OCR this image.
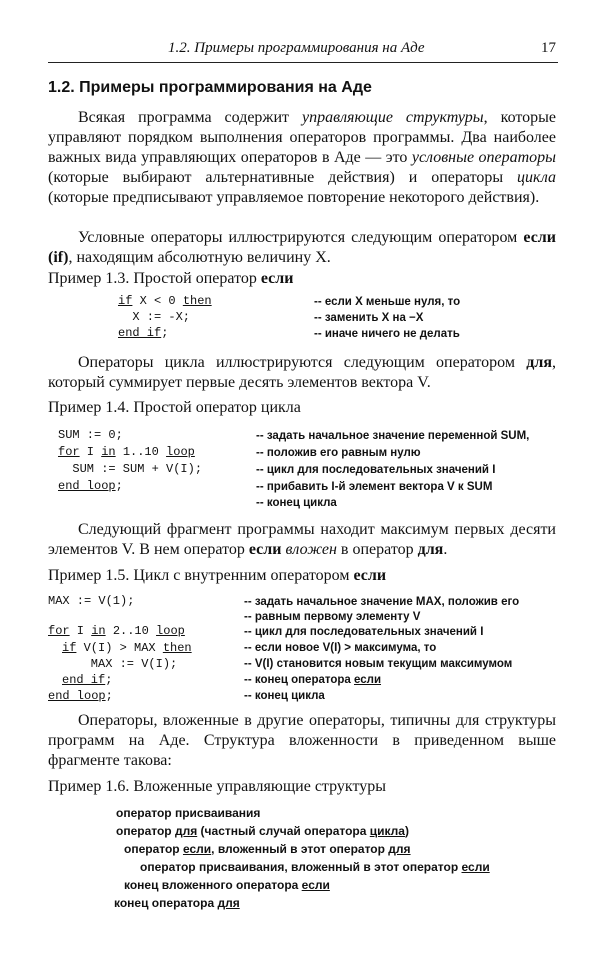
1.2. Примеры программирования на Аде	17
1.2. Примеры программирования на Аде
Всякая программа содержит управляющие структуры, которые управляют порядком выполнения операторов программы. Два наиболее важных вида управляющих операторов в Аде — это условные операторы (которые выбирают альтернативные действия) и операторы цикла (которые предписывают управляемое повторение некоторого действия).
Условные операторы иллюстрируются следующим оператором если (if), находящим абсолютную величину X.
Пример 1.3. Простой оператор если
if X < 0 then
X := -X;
end if;
-- если X меньше нуля, то
-- заменить X на −X
-- иначе ничего не делать
Операторы цикла иллюстрируются следующим оператором для, который суммирует первые десять элементов вектора V.
Пример 1.4. Простой оператор цикла
SUM := 0;
for I in 1..10 loop
SUM := SUM + V(I);
end loop;
-- задать начальное значение переменной SUM,
-- положив его равным нулю
-- цикл для последовательных значений I
-- прибавить I-й элемент вектора V к SUM
-- конец цикла
Следующий фрагмент программы находит максимум первых десяти элементов V. В нем оператор если вложен в оператор для.
Пример 1.5. Цикл с внутренним оператором если
MAX := V(1);
for I in 2..10 loop
if V(I) > MAX then
MAX := V(I);
end if;
end loop;
-- задать начальное значение MAX, положив его
-- равным первому элементу V
-- цикл для последовательных значений I
-- если новое V(I) > максимума, то
-- V(I) становится новым текущим максимумом
-- конец оператора если
-- конец цикла
Операторы, вложенные в другие операторы, типичны для структуры программ на Аде. Структура вложенности в приведенном выше фрагменте такова:
Пример 1.6. Вложенные управляющие структуры
оператор присваивания
оператор для (частный случай оператора цикла)
оператор если, вложенный в этот оператор для
оператор присваивания, вложенный в этот оператор если
конец вложенного оператора если
конец оператора для
